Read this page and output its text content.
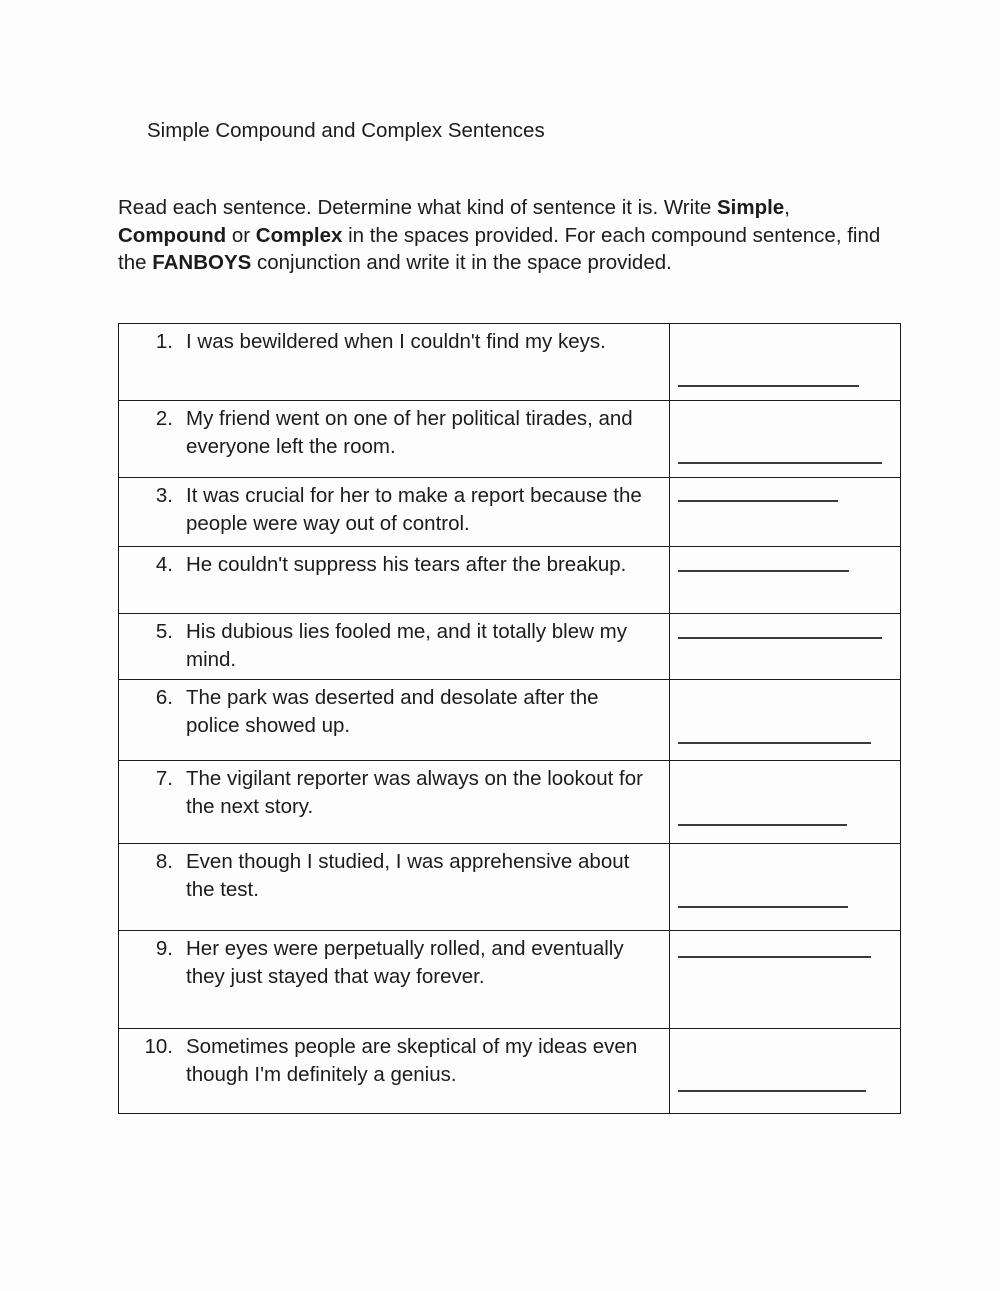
Simple Compound and Complex Sentences
Read each sentence. Determine what kind of sentence it is. Write Simple,
Compound or Complex in the spaces provided. For each compound sentence, find
the FANBOYS conjunction and write it in the space provided.
1. I was bewildered when I couldn't find my keys.
2. My friend went on one of her political tirades, and
everyone left the room.
3. It was crucial for her to make a report because the
people were way out of control.
4. He couldn't suppress his tears after the breakup.
5. His dubious lies fooled me, and it totally blew my
mind.
6. The park was deserted and desolate after the
police showed up.
7. The vigilant reporter was always on the lookout for
the next story.
8. Even though I studied, I was apprehensive about
the test.
9. Her eyes were perpetually rolled, and eventually
they just stayed that way forever.
10. Sometimes people are skeptical of my ideas even
though I'm definitely a genius.
